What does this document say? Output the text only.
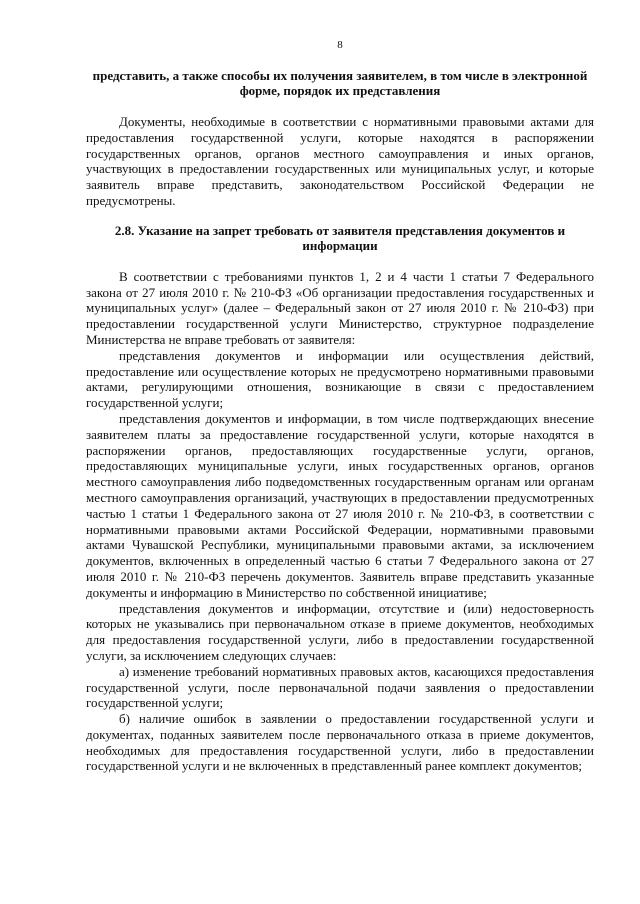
8

представить, а также способы их получения заявителем, в том числе в электронной форме, порядок их представления

Документы, необходимые в соответствии с нормативными правовыми актами для предоставления государственной услуги, которые находятся в распоряжении государственных органов, органов местного самоуправления и иных органов, участвующих в предоставлении государственных или муниципальных услуг, и которые заявитель вправе представить, законодательством Российской Федерации не предусмотрены.

2.8. Указание на запрет требовать от заявителя представления документов и информации

В соответствии с требованиями пунктов 1, 2 и 4 части 1 статьи 7 Федерального закона от 27 июля 2010 г. № 210-ФЗ «Об организации предоставления государственных и муниципальных услуг» (далее – Федеральный закон от 27 июля 2010 г. № 210-ФЗ) при предоставлении государственной услуги Министерство, структурное подразделение Министерства не вправе требовать от заявителя:

представления документов и информации или осуществления действий, предоставление или осуществление которых не предусмотрено нормативными правовыми актами, регулирующими отношения, возникающие в связи с предоставлением государственной услуги;

представления документов и информации, в том числе подтверждающих внесение заявителем платы за предоставление государственной услуги, которые находятся в распоряжении органов, предоставляющих государственные услуги, органов, предоставляющих муниципальные услуги, иных государственных органов, органов местного самоуправления либо подведомственных государственным органам или органам местного самоуправления организаций, участвующих в предоставлении предусмотренных частью 1 статьи 1 Федерального закона от 27 июля 2010 г. № 210-ФЗ, в соответствии с нормативными правовыми актами Российской Федерации, нормативными правовыми актами Чувашской Республики, муниципальными правовыми актами, за исключением документов, включенных в определенный частью 6 статьи 7 Федерального закона от 27 июля 2010 г. № 210-ФЗ перечень документов. Заявитель вправе представить указанные документы и информацию в Министерство по собственной инициативе;

представления документов и информации, отсутствие и (или) недостоверность которых не указывались при первоначальном отказе в приеме документов, необходимых для предоставления государственной услуги, либо в предоставлении государственной услуги, за исключением следующих случаев:

а) изменение требований нормативных правовых актов, касающихся предоставления государственной услуги, после первоначальной подачи заявления о предоставлении государственной услуги;

б) наличие ошибок в заявлении о предоставлении государственной услуги и документах, поданных заявителем после первоначального отказа в приеме документов, необходимых для предоставления государственной услуги, либо в предоставлении государственной услуги и не включенных в представленный ранее комплект документов;
